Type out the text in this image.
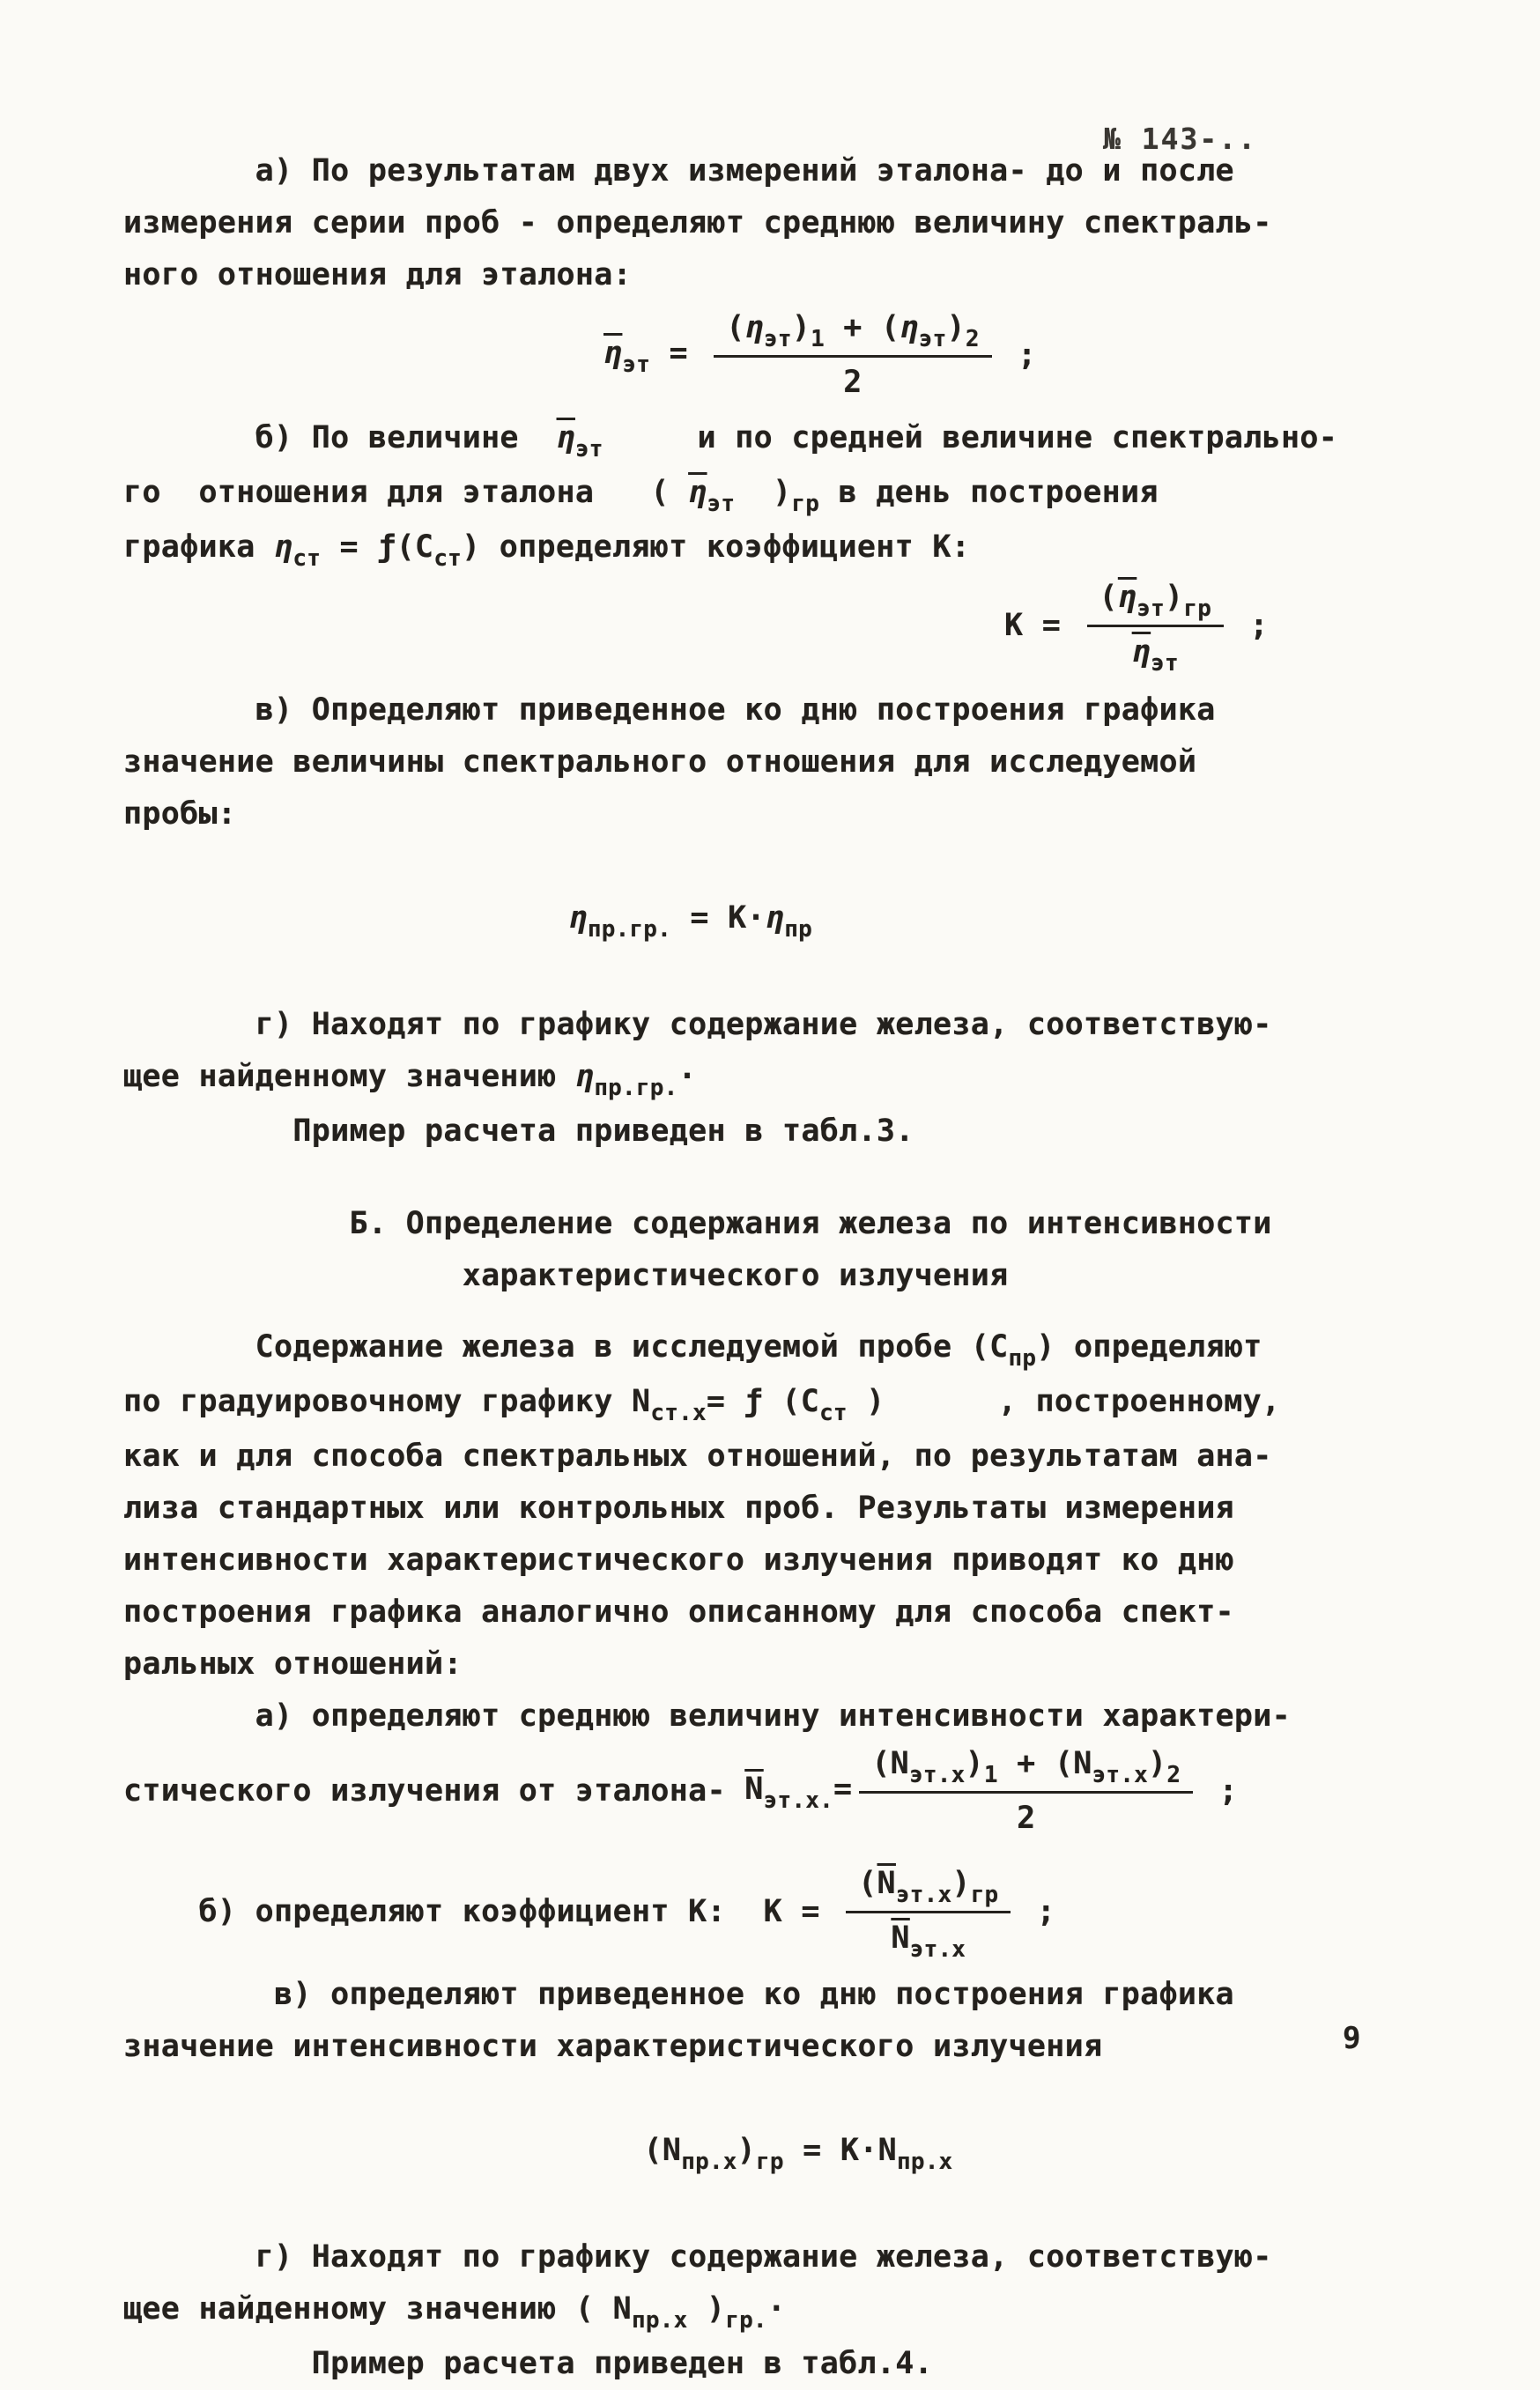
№ 143-..
а) По результатам двух измерений эталона- до и после
измерения серии проб - определяют среднюю величину спектраль-
ного отношения для эталона:
$\overline{\eta}_{эт} = \frac{(\eta_{эт})_1 + (\eta_{эт})_2}{2}$ ;
б) По величине  $\overline{\eta}_{эт}$     и по средней величине спектрально-
го  отношения для эталона   ( $\overline{\eta}_{эт}$  )$_{гр}$ в день построения
графика $\eta_{ст}$ = $ƒ(С_{ст})$ определяют коэффициент К:
$К = \frac{(\overline{\eta}_{эт})_{гр}}{\overline{\eta}_{эт}}$ ;
в) Определяют приведенное ко дню построения графика
значение величины спектрального отношения для исследуемой
пробы:

$\eta_{пр.гр.} = К\cdot\eta_{пр}$

г) Находят по графику содержание железа, соответствую-
щее найденному значению $\eta_{пр.гр.}\cdot$
Пример расчета приведен в табл.3.
Б. Определение содержания железа по интенсивности
характеристического излучения
Содержание железа в исследуемой пробе $(С_{пр})$ определяют
по градуировочному графику $N_{ст.х}=$ ƒ ($С_{ст}$ )      , построенному,
как и для способа спектральных отношений, по результатам ана-
лиза стандартных или контрольных проб. Результаты измерения
интенсивности характеристического излучения приводят ко дню
построения графика аналогично описанному для способа спект-
ральных отношений:
а) определяют среднюю величину интенсивности характери-
стического излучения от эталона- $\overline{N}_{эт.х.}= \frac{(N_{эт.х})_1 + (N_{эт.х})_2}{2}$ ;
б) определяют коэффициент К: $К = \frac{(\overline{N}_{эт.х})_{гр}}{\overline{N}_{эт.х}}$ ;
в) определяют приведенное ко дню построения графика
значение интенсивности характеристического излучения

$(N_{пр.х})_{гр} = К\cdot N_{пр.х}$

г) Находят по графику содержание железа, соответствую-
щее найденному значению ( $N_{пр.х}$ )$_{гр.}\cdot$
Пример расчета приведен в табл.4.
9
